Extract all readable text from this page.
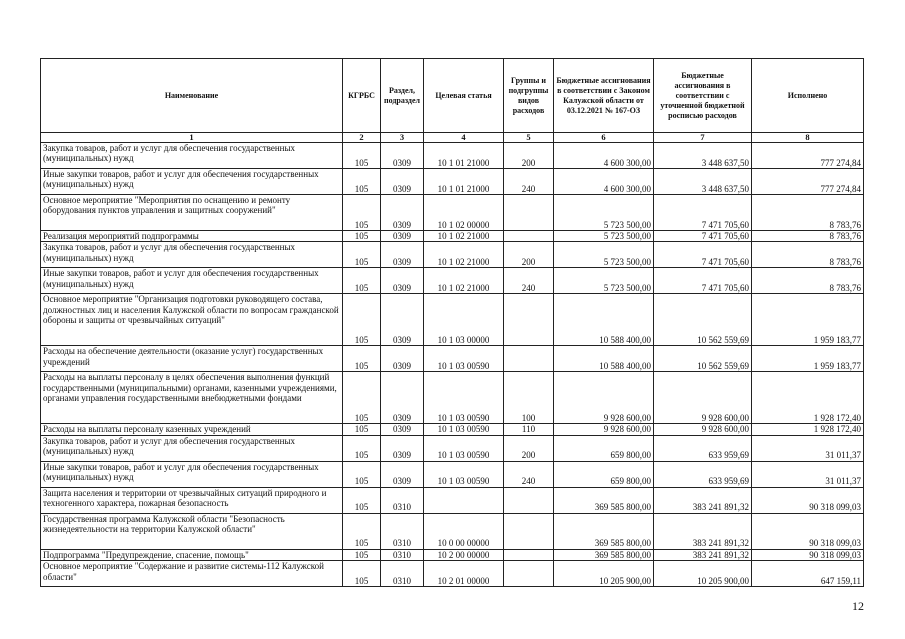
Наименование	КГРБС	Раздел, подраздел	Целевая статья	Группы и подгруппы видов расходов	Бюджетные ассигнования в соответствии с Законом Калужской области от 03.12.2021 № 167-ОЗ	Бюджетные ассигнования в соответствии с уточненной бюджетной росписью расходов	Исполнено
1	2	3	4	5	6	7	8
Закупка товаров, работ и услуг для обеспечения государственных (муниципальных) нужд	105	0309	10 1 01 21000	200	4 600 300,00	3 448 637,50	777 274,84
Иные закупки товаров, работ и услуг для обеспечения государственных (муниципальных) нужд	105	0309	10 1 01 21000	240	4 600 300,00	3 448 637,50	777 274,84
Основное мероприятие "Мероприятия по оснащению и ремонту оборудования пунктов управления и защитных сооружений"	105	0309	10 1 02 00000		5 723 500,00	7 471 705,60	8 783,76
Реализация мероприятий подпрограммы	105	0309	10 1 02 21000		5 723 500,00	7 471 705,60	8 783,76
Закупка товаров, работ и услуг для обеспечения государственных (муниципальных) нужд	105	0309	10 1 02 21000	200	5 723 500,00	7 471 705,60	8 783,76
Иные закупки товаров, работ и услуг для обеспечения государственных (муниципальных) нужд	105	0309	10 1 02 21000	240	5 723 500,00	7 471 705,60	8 783,76
Основное мероприятие "Организация подготовки руководящего состава, должностных лиц и населения Калужской области по вопросам гражданской обороны и защиты от чрезвычайных ситуаций"	105	0309	10 1 03 00000		10 588 400,00	10 562 559,69	1 959 183,77
Расходы на обеспечение деятельности (оказание услуг) государственных учреждений	105	0309	10 1 03 00590		10 588 400,00	10 562 559,69	1 959 183,77
Расходы на выплаты персоналу в целях обеспечения выполнения функций государственными (муниципальными) органами, казенными учреждениями, органами управления государственными внебюджетными фондами	105	0309	10 1 03 00590	100	9 928 600,00	9 928 600,00	1 928 172,40
Расходы на выплаты персоналу казенных учреждений	105	0309	10 1 03 00590	110	9 928 600,00	9 928 600,00	1 928 172,40
Закупка товаров, работ и услуг для обеспечения государственных (муниципальных) нужд	105	0309	10 1 03 00590	200	659 800,00	633 959,69	31 011,37
Иные закупки товаров, работ и услуг для обеспечения государственных (муниципальных) нужд	105	0309	10 1 03 00590	240	659 800,00	633 959,69	31 011,37
Защита населения и территории от чрезвычайных ситуаций природного и техногенного характера, пожарная безопасность	105	0310			369 585 800,00	383 241 891,32	90 318 099,03
Государственная программа Калужской области "Безопасность жизнедеятельности на территории Калужской области"	105	0310	10 0 00 00000		369 585 800,00	383 241 891,32	90 318 099,03
Подпрограмма "Предупреждение, спасение, помощь"	105	0310	10 2 00 00000		369 585 800,00	383 241 891,32	90 318 099,03
Основное мероприятие "Содержание и развитие системы-112 Калужской области"	105	0310	10 2 01 00000		10 205 900,00	10 205 900,00	647 159,11
12
